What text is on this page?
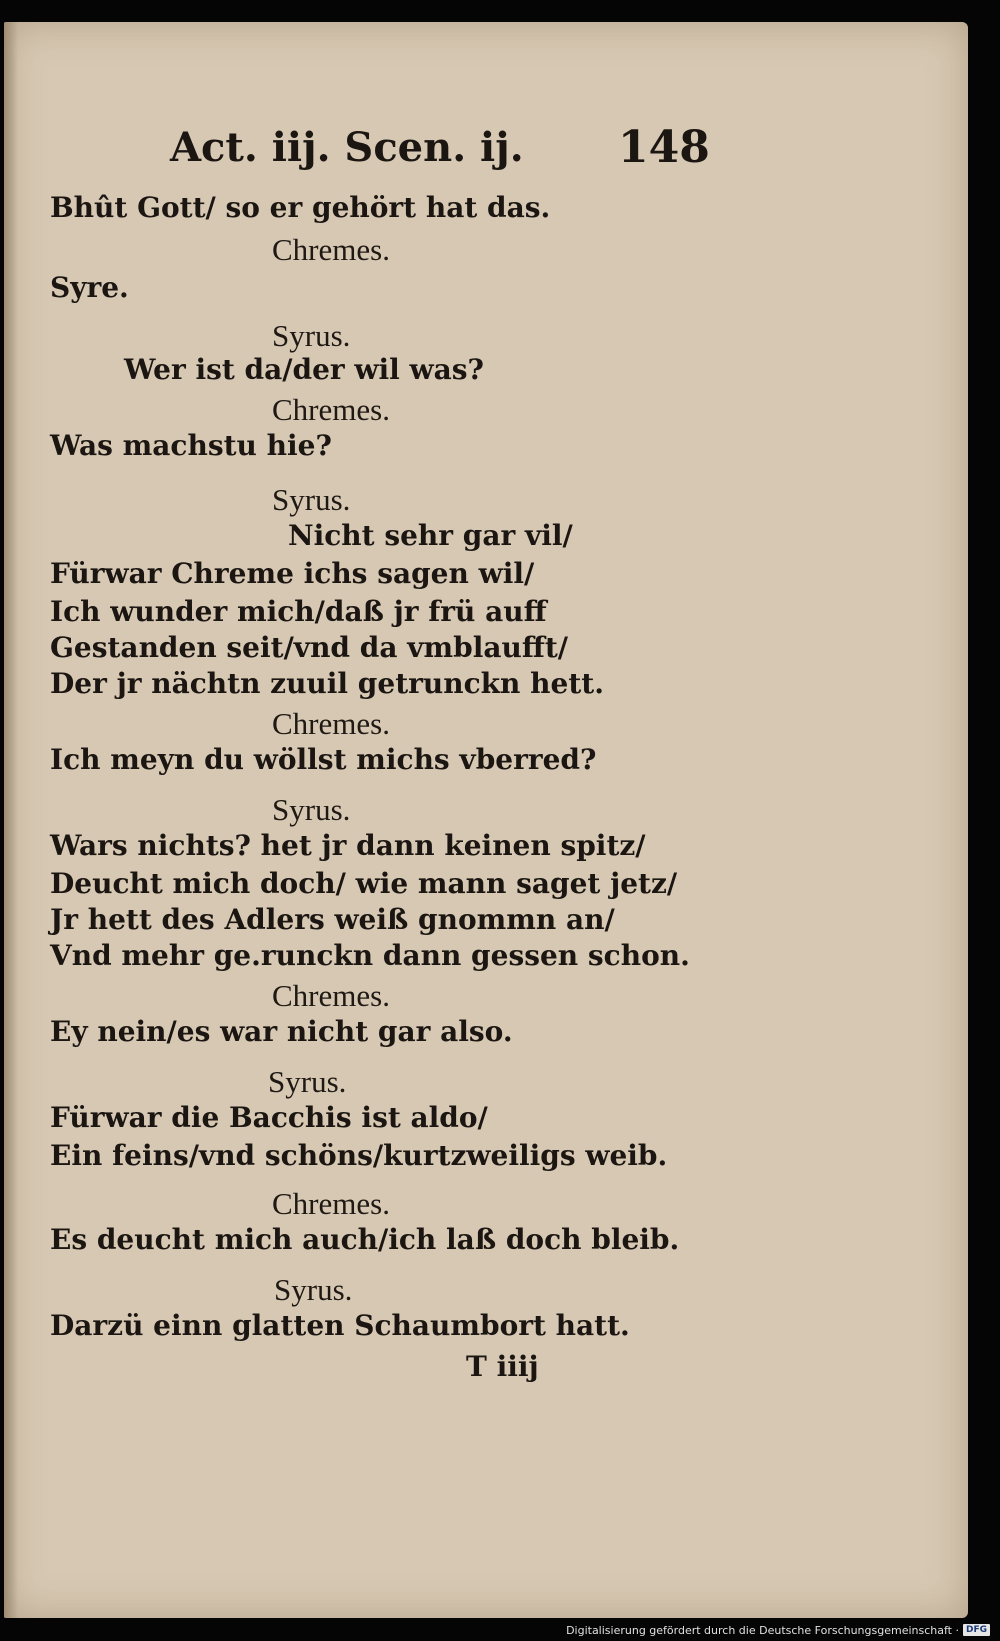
Act. iij. Scen. ij. 148
Bhût Gott/ so er gehört hat das.
Chremes.
Syre.
Syrus.
Wer ist da/der wil was?
Chremes.
Was machstu hie?
Syrus.
Nicht sehr gar vil/
Fürwar Chreme ichs sagen wil/
Ich wunder mich/daß jr frü auff
Gestanden seit/vnd da vmblaufft/
Der jr nächtn zuuil getrunckn hett.
Chremes.
Ich meyn du wöllst michs vberred?
Syrus.
Wars nichts? het jr dann keinen spitz/
Deucht mich doch/ wie mann saget jetz/
Jr hett des Adlers weiß gnommn an/
Vnd mehr ge.runckn dann gessen schon.
Chremes.
Ey nein/es war nicht gar also.
Syrus.
Fürwar die Bacchis ist aldo/
Ein feins/vnd schöns/kurtzweiligs weib.
Chremes.
Es deucht mich auch/ich laß doch bleib.
Syrus.
Darzü einn glatten Schaumbort hatt.
T iiij
Digitalisierung gefördert durch die Deutsche Forschungsgemeinschaft · DFG
